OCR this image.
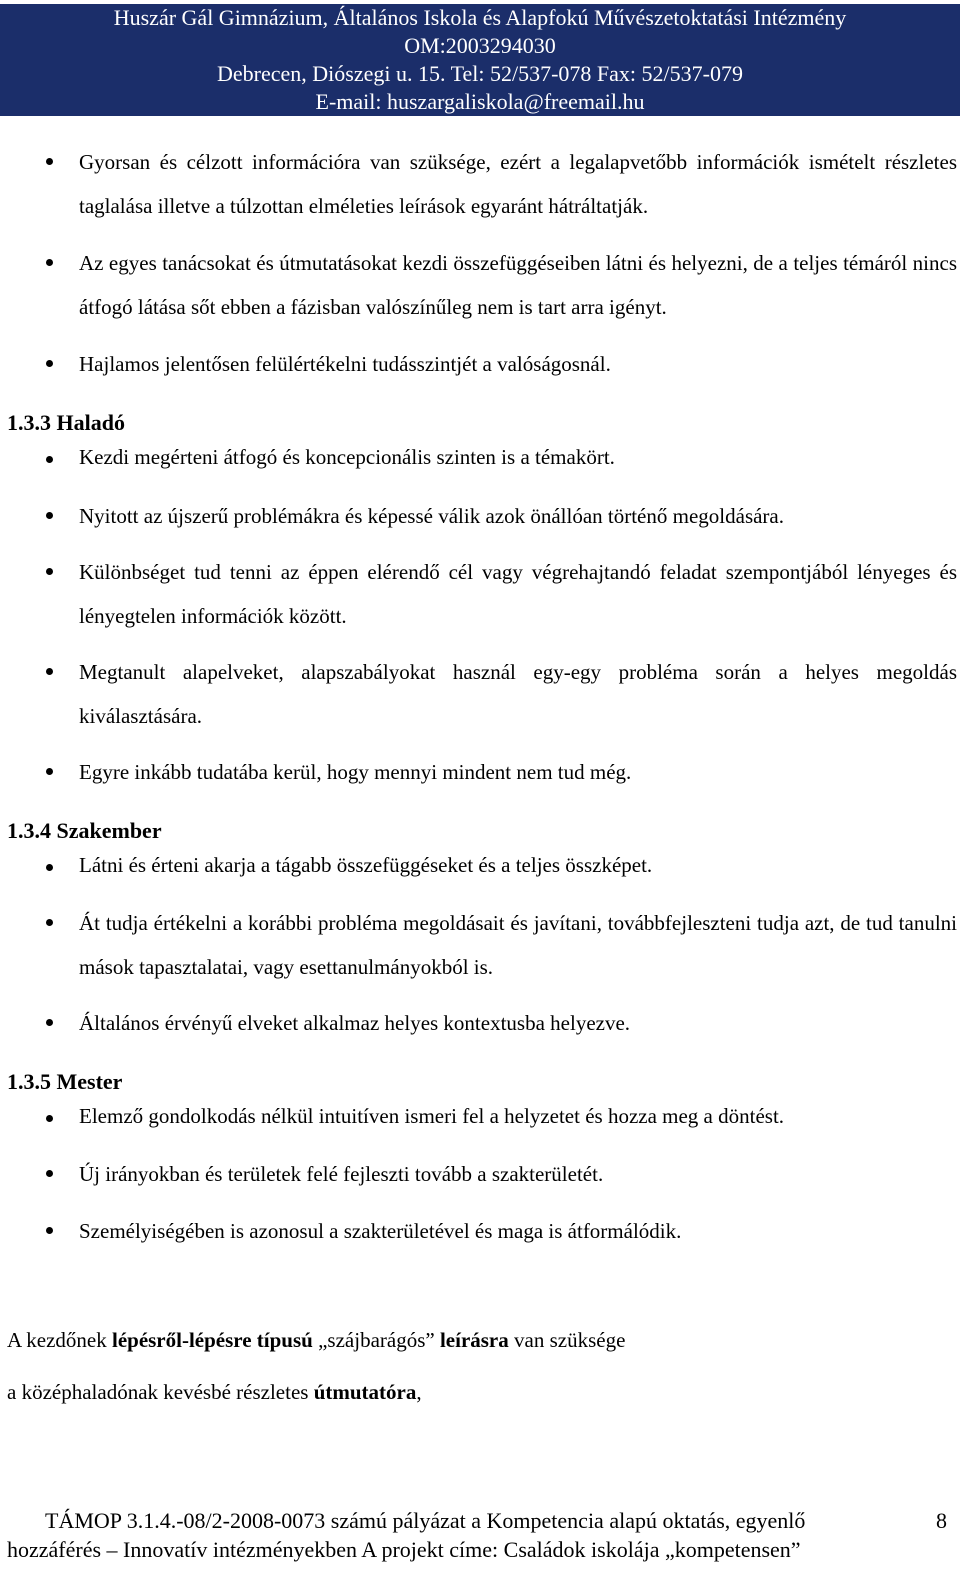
Huszár Gál Gimnázium, Általános Iskola és Alapfokú Művészetoktatási Intézmény
OM:2003294030
Debrecen, Diószegi u. 15. Tel: 52/537-078 Fax: 52/537-079
E-mail: huszargaliskola@freemail.hu
Gyorsan és célzott információra van szüksége, ezért a legalapvetőbb információk ismételt részletes taglalása illetve a túlzottan elméleties leírások egyaránt hátráltatják.
Az egyes tanácsokat és útmutatásokat kezdi összefüggéseiben látni és helyezni, de a teljes témáról nincs átfogó látása sőt ebben a fázisban valószínűleg nem is tart arra igényt.
Hajlamos jelentősen felülértékelni tudásszintjét a valóságosnál.

1.3.3 Haladó

Kezdi megérteni átfogó és koncepcionális szinten is a témakört.
Nyitott az újszerű problémákra és képessé válik azok önállóan történő megoldására.
Különbséget tud tenni az éppen elérendő cél vagy végrehajtandó feladat szempontjából lényeges és lényegtelen információk között.
Megtanult alapelveket, alapszabályokat használ egy-egy probléma során a helyes megoldás kiválasztására.
Egyre inkább tudatába kerül, hogy mennyi mindent nem tud még.

1.3.4 Szakember

Látni és érteni akarja a tágabb összefüggéseket és a teljes összképet.
Át tudja értékelni a korábbi probléma megoldásait és javítani, továbbfejleszteni tudja azt, de tud tanulni mások tapasztalatai, vagy esettanulmányokból is.
Általános érvényű elveket alkalmaz helyes kontextusba helyezve.

1.3.5 Mester

Elemző gondolkodás nélkül intuitíven ismeri fel a helyzetet és hozza meg a döntést.
Új irányokban és területek felé fejleszti tovább a szakterületét.
Személyiségében is azonosul a szakterületével és maga is átformálódik.

A kezdőnek lépésről-lépésre típusú „szájbarágós” leírásra van szüksége

a középhaladónak kevésbé részletes útmutatóra,

TÁMOP 3.1.4.-08/2-2008-0073 számú pályázat a Kompetencia alapú oktatás, egyenlő
hozzáférés – Innovatív intézményekben A projekt címe: Családok iskolája „kompetensen”
8
